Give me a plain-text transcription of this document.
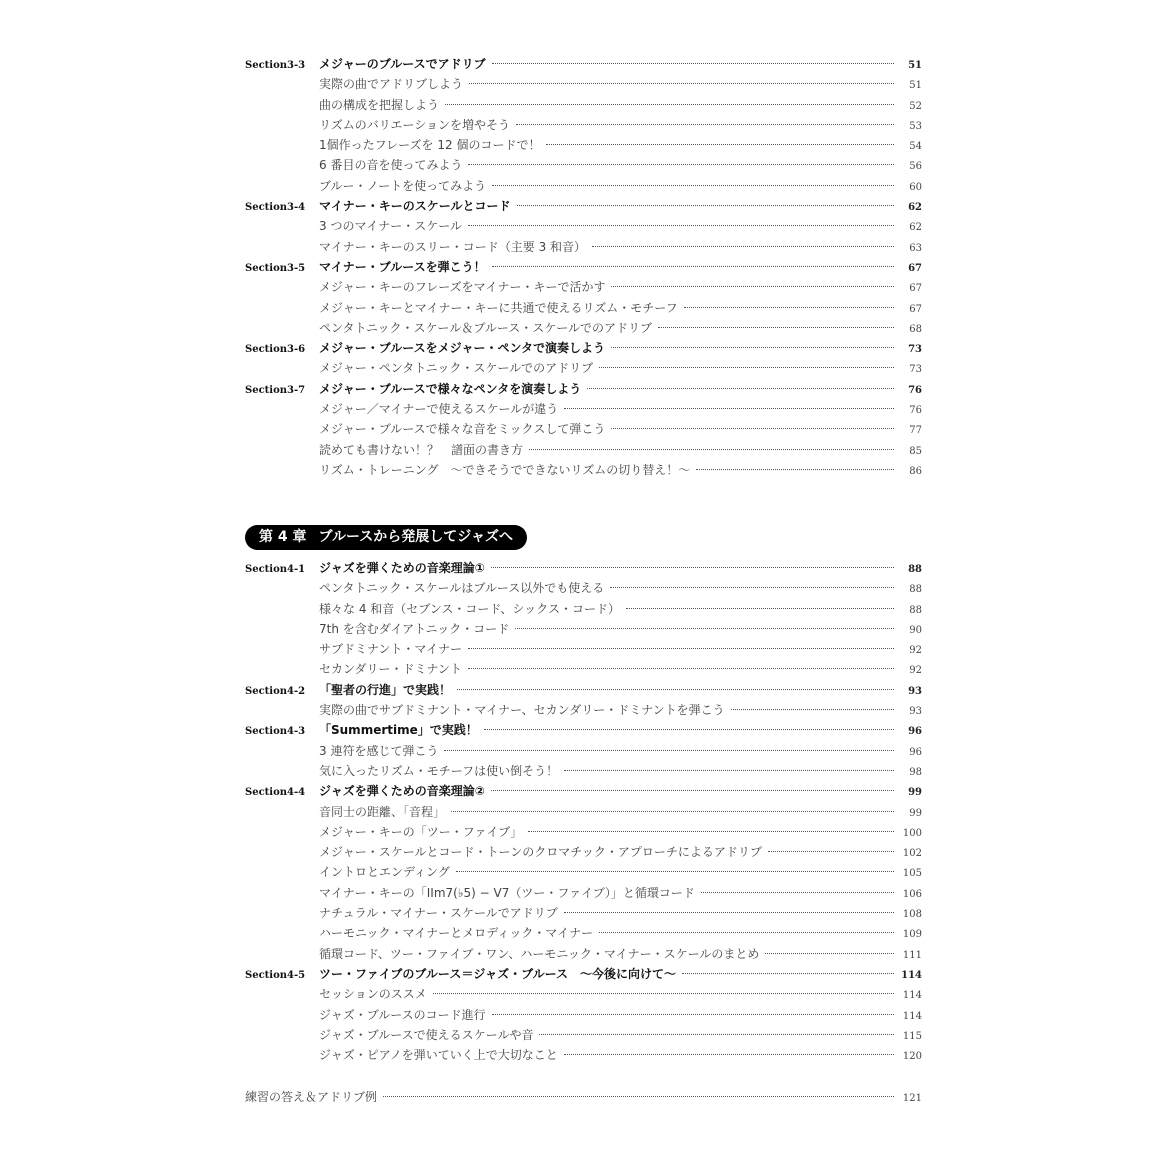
Section3-3	メジャーのブルースでアドリブ	51
実際の曲でアドリブしよう	51
曲の構成を把握しよう	52
リズムのバリエーションを増やそう	53
1個作ったフレーズを 12 個のコードで！	54
6 番目の音を使ってみよう	56
ブルー・ノートを使ってみよう	60
Section3-4	マイナー・キーのスケールとコード	62
3 つのマイナー・スケール	62
マイナー・キーのスリー・コード（主要 3 和音）	63
Section3-5	マイナー・ブルースを弾こう！	67
メジャー・キーのフレーズをマイナー・キーで活かす	67
メジャー・キーとマイナー・キーに共通で使えるリズム・モチーフ	67
ペンタトニック・スケール＆ブルース・スケールでのアドリブ	68
Section3-6	メジャー・ブルースをメジャー・ペンタで演奏しよう	73
メジャー・ペンタトニック・スケールでのアドリブ	73
Section3-7	メジャー・ブルースで様々なペンタを演奏しよう	76
メジャー／マイナーで使えるスケールが違う	76
メジャー・ブルースで様々な音をミックスして弾こう	77
読めても書けない！？　譜面の書き方	85
リズム・トレーニング　〜できそうでできないリズムの切り替え！〜	86
第 4 章 ブルースから発展してジャズへ
Section4-1	ジャズを弾くための音楽理論①	88
ペンタトニック・スケールはブルース以外でも使える	88
様々な 4 和音（セブンス・コード、シックス・コード）	88
7th を含むダイアトニック・コード	90
サブドミナント・マイナー	92
セカンダリー・ドミナント	92
Section4-2	「聖者の行進」で実践！	93
実際の曲でサブドミナント・マイナー、セカンダリー・ドミナントを弾こう	93
Section4-3	「Summertime」で実践！	96
3 連符を感じて弾こう	96
気に入ったリズム・モチーフは使い倒そう！	98
Section4-4	ジャズを弾くための音楽理論②	99
音同士の距離、「音程」	99
メジャー・キーの「ツー・ファイブ」	100
メジャー・スケールとコード・トーンのクロマチック・アプローチによるアドリブ	102
イントロとエンディング	105
マイナー・キーの「IIm7(♭5) − V7（ツー・ファイブ）」と循環コード	106
ナチュラル・マイナー・スケールでアドリブ	108
ハーモニック・マイナーとメロディック・マイナー	109
循環コード、ツー・ファイブ・ワン、ハーモニック・マイナー・スケールのまとめ	111
Section4-5	ツー・ファイブのブルース＝ジャズ・ブルース　〜今後に向けて〜	114
セッションのススメ	114
ジャズ・ブルースのコード進行	114
ジャズ・ブルースで使えるスケールや音	115
ジャズ・ピアノを弾いていく上で大切なこと	120
練習の答え＆アドリブ例	121
